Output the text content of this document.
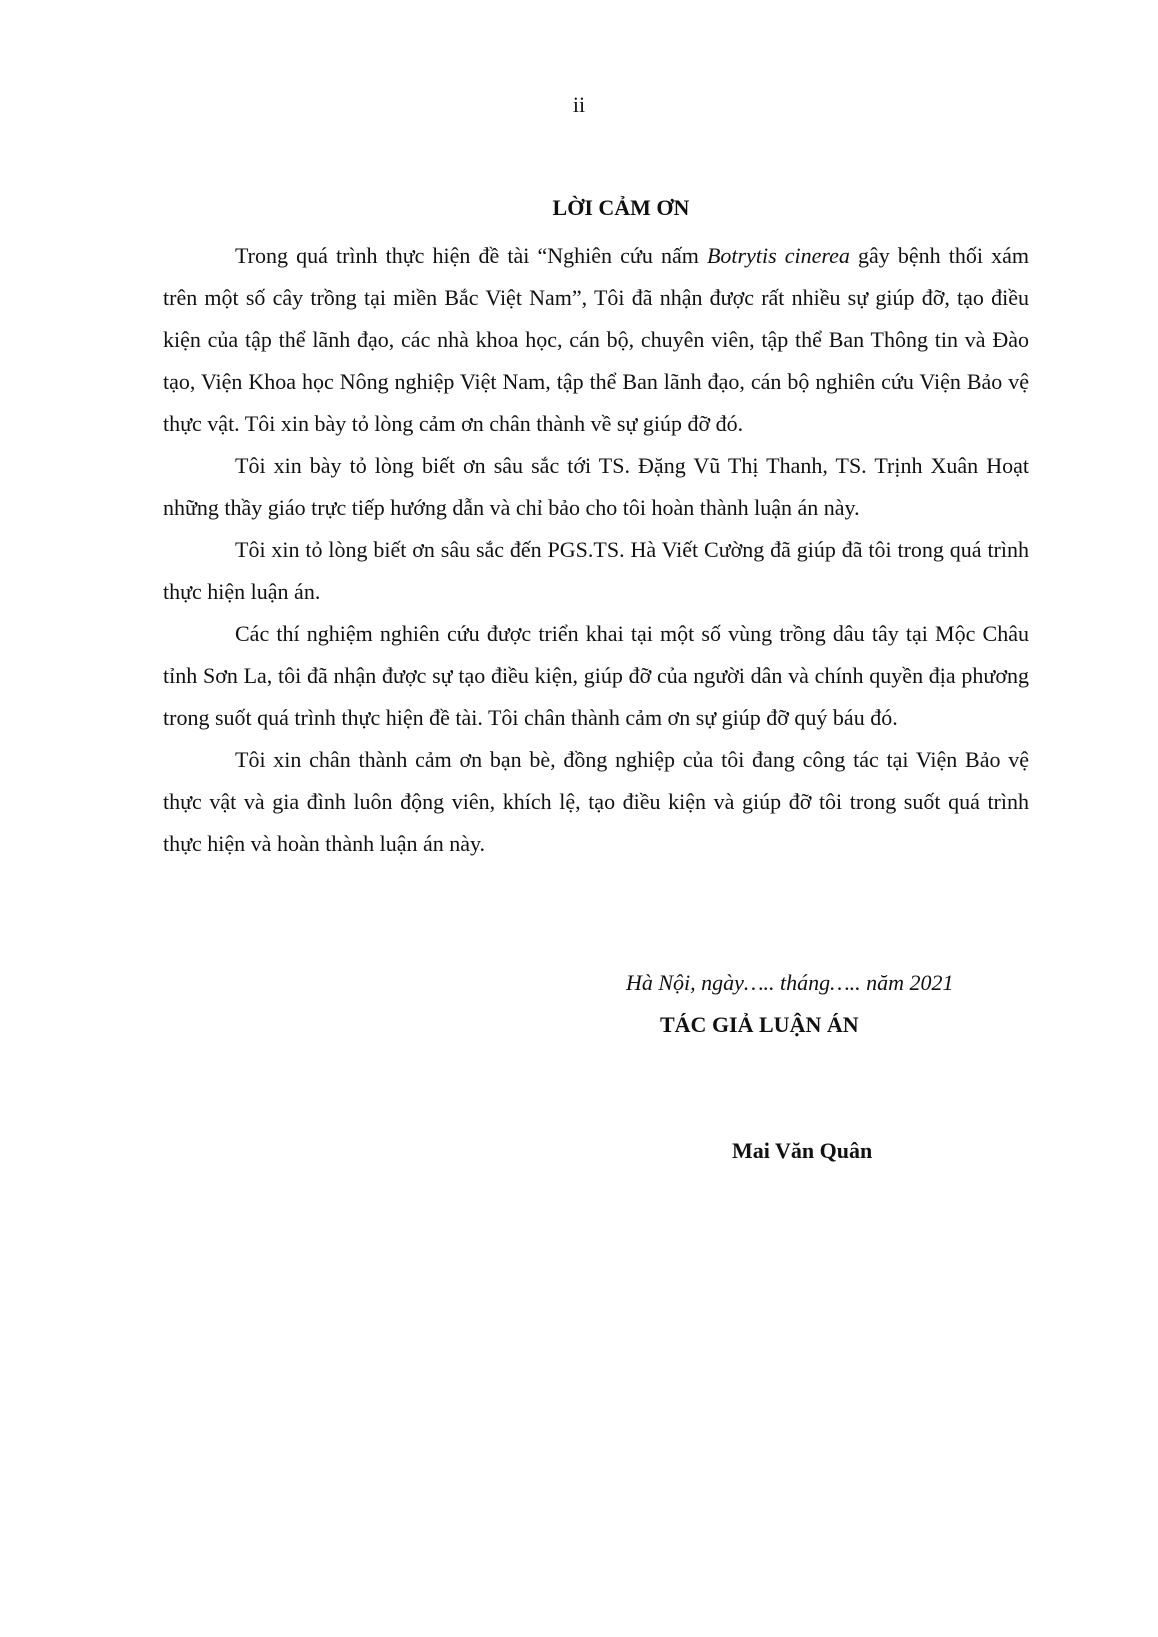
ii
LỜI CẢM ƠN

Trong quá trình thực hiện đề tài “Nghiên cứu nấm Botrytis cinerea gây bệnh thối xám trên một số cây trồng tại miền Bắc Việt Nam”, Tôi đã nhận được rất nhiều sự giúp đỡ, tạo điều kiện của tập thể lãnh đạo, các nhà khoa học, cán bộ, chuyên viên, tập thể Ban Thông tin và Đào tạo, Viện Khoa học Nông nghiệp Việt Nam, tập thể Ban lãnh đạo, cán bộ nghiên cứu Viện Bảo vệ thực vật. Tôi xin bày tỏ lòng cảm ơn chân thành về sự giúp đỡ đó.

Tôi xin bày tỏ lòng biết ơn sâu sắc tới TS. Đặng Vũ Thị Thanh, TS. Trịnh Xuân Hoạt những thầy giáo trực tiếp hướng dẫn và chỉ bảo cho tôi hoàn thành luận án này.

Tôi xin tỏ lòng biết ơn sâu sắc đến PGS.TS. Hà Viết Cường đã giúp đã tôi trong quá trình thực hiện luận án.

Các thí nghiệm nghiên cứu được triển khai tại một số vùng trồng dâu tây tại Mộc Châu tỉnh Sơn La, tôi đã nhận được sự tạo điều kiện, giúp đỡ của người dân và chính quyền địa phương trong suốt quá trình thực hiện đề tài. Tôi chân thành cảm ơn sự giúp đỡ quý báu đó.

Tôi xin chân thành cảm ơn bạn bè, đồng nghiệp của tôi đang công tác tại Viện Bảo vệ thực vật và gia đình luôn động viên, khích lệ, tạo điều kiện và giúp đỡ tôi trong suốt quá trình thực hiện và hoàn thành luận án này.

Hà Nội, ngày….. tháng….. năm 2021
TÁC GIẢ LUẬN ÁN
Mai Văn Quân
